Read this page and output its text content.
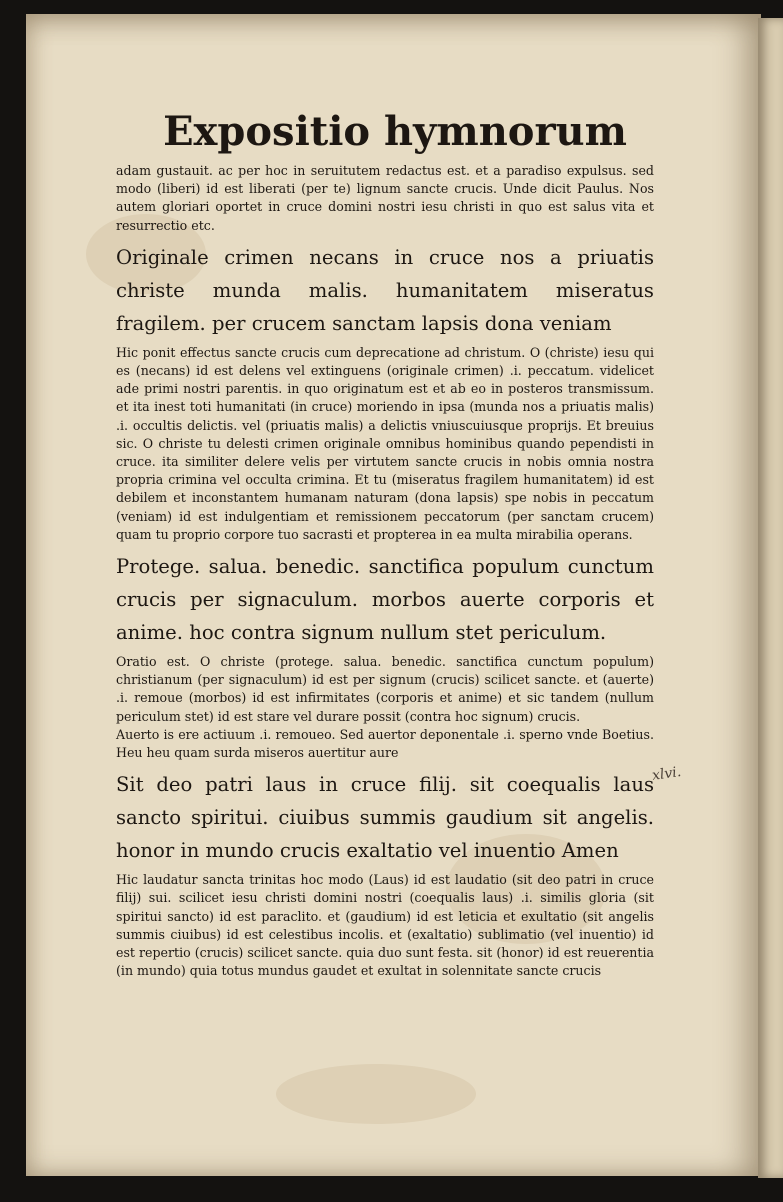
Expositio hymnorum

adam gustauit. ac per hoc in seruitutem redactus est. et a paradiso expulsus. sed modo (liberi) id est liberati (per te) lignum sancte crucis. Unde dicit Paulus. Nos autem gloriari oportet in cruce domini nostri iesu christi in quo est salus vita et resurrectio etc.

Originale crimen necans in cruce nos a priuatis christe munda malis. humanitatem miseratus fragilem. per crucem sanctam lapsis dona veniam

Hic ponit effectus sancte crucis cum deprecatione ad christum. O (christe) iesu qui es (necans) id est delens vel extinguens (originale crimen) .i. peccatum. videlicet ade primi nostri parentis. in quo originatum est et ab eo in posteros transmissum. et ita inest toti humanitati (in cruce) moriendo in ipsa (munda nos a priuatis malis) .i. occultis delictis. vel (priuatis malis) a delictis vniuscuiusque proprijs. Et breuius sic. O christe tu delesti crimen originale omnibus hominibus quando pependisti in cruce. ita similiter delere velis per virtutem sancte crucis in nobis omnia nostra propria crimina vel occulta crimina. Et tu (miseratus fragilem humanitatem) id est debilem et inconstantem humanam naturam (dona lapsis) spe nobis in peccatum (veniam) id est indulgentiam et remissionem peccatorum (per sanctam crucem) quam tu proprio corpore tuo sacrasti et propterea in ea multa mirabilia operans.

Protege. salua. benedic. sanctifica populum cunctum crucis per signaculum. morbos auerte corporis et anime. hoc contra signum nullum stet periculum.

Oratio est. O christe (protege. salua. benedic. sanctifica cunctum populum) christianum (per signaculum) id est per signum (crucis) scilicet sancte. et (auerte) .i. remoue (morbos) id est infirmitates (corporis et anime) et sic tandem (nullum periculum stet) id est stare vel durare possit (contra hoc signum) crucis.

Auerto is ere actiuum .i. remoueo. Sed auertor deponentale .i. sperno vnde Boetius. Heu heu quam surda miseros auertitur aure

Sit deo patri laus in cruce filij. sit coequalis laus sancto spiritui. ciuibus summis gaudium sit angelis. honor in mundo crucis exaltatio vel inuentio Amen

Hic laudatur sancta trinitas hoc modo (Laus) id est laudatio (sit deo patri in cruce filij) sui. scilicet iesu christi domini nostri (coequalis laus) .i. similis gloria (sit spiritui sancto) id est paraclito. et (gaudium) id est leticia et exultatio (sit angelis summis ciuibus) id est celestibus incolis. et (exaltatio) sublimatio (vel inuentio) id est repertio (crucis) scilicet sancte. quia duo sunt festa. sit (honor) id est reuerentia (in mundo) quia totus mundus gaudet et exultat in solennitate sancte crucis

xlvi.
